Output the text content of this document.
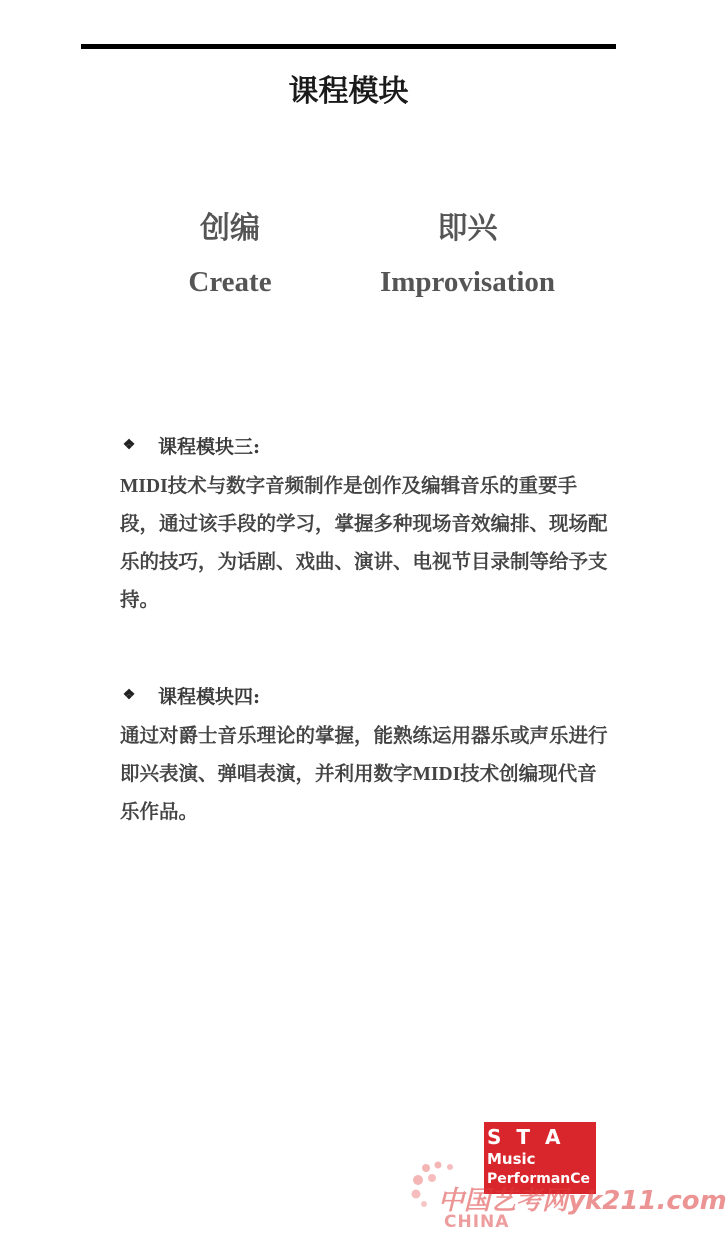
课程模块
创编
Create
即兴
Improvisation
❖ 课程模块三:
MIDI技术与数字音频制作是创作及编辑音乐的重要手段，通过该手段的学习，掌握多种现场音效编排、现场配乐的技巧，为话剧、戏曲、演讲、电视节目录制等给予支持。
❖ 课程模块四:
通过对爵士音乐理论的掌握，能熟练运用器乐或声乐进行即兴表演、弹唱表演，并利用数字MIDI技术创编现代音乐作品。
S T A
Music
PerformanCe
中国艺考网yk211.com
CHINA
